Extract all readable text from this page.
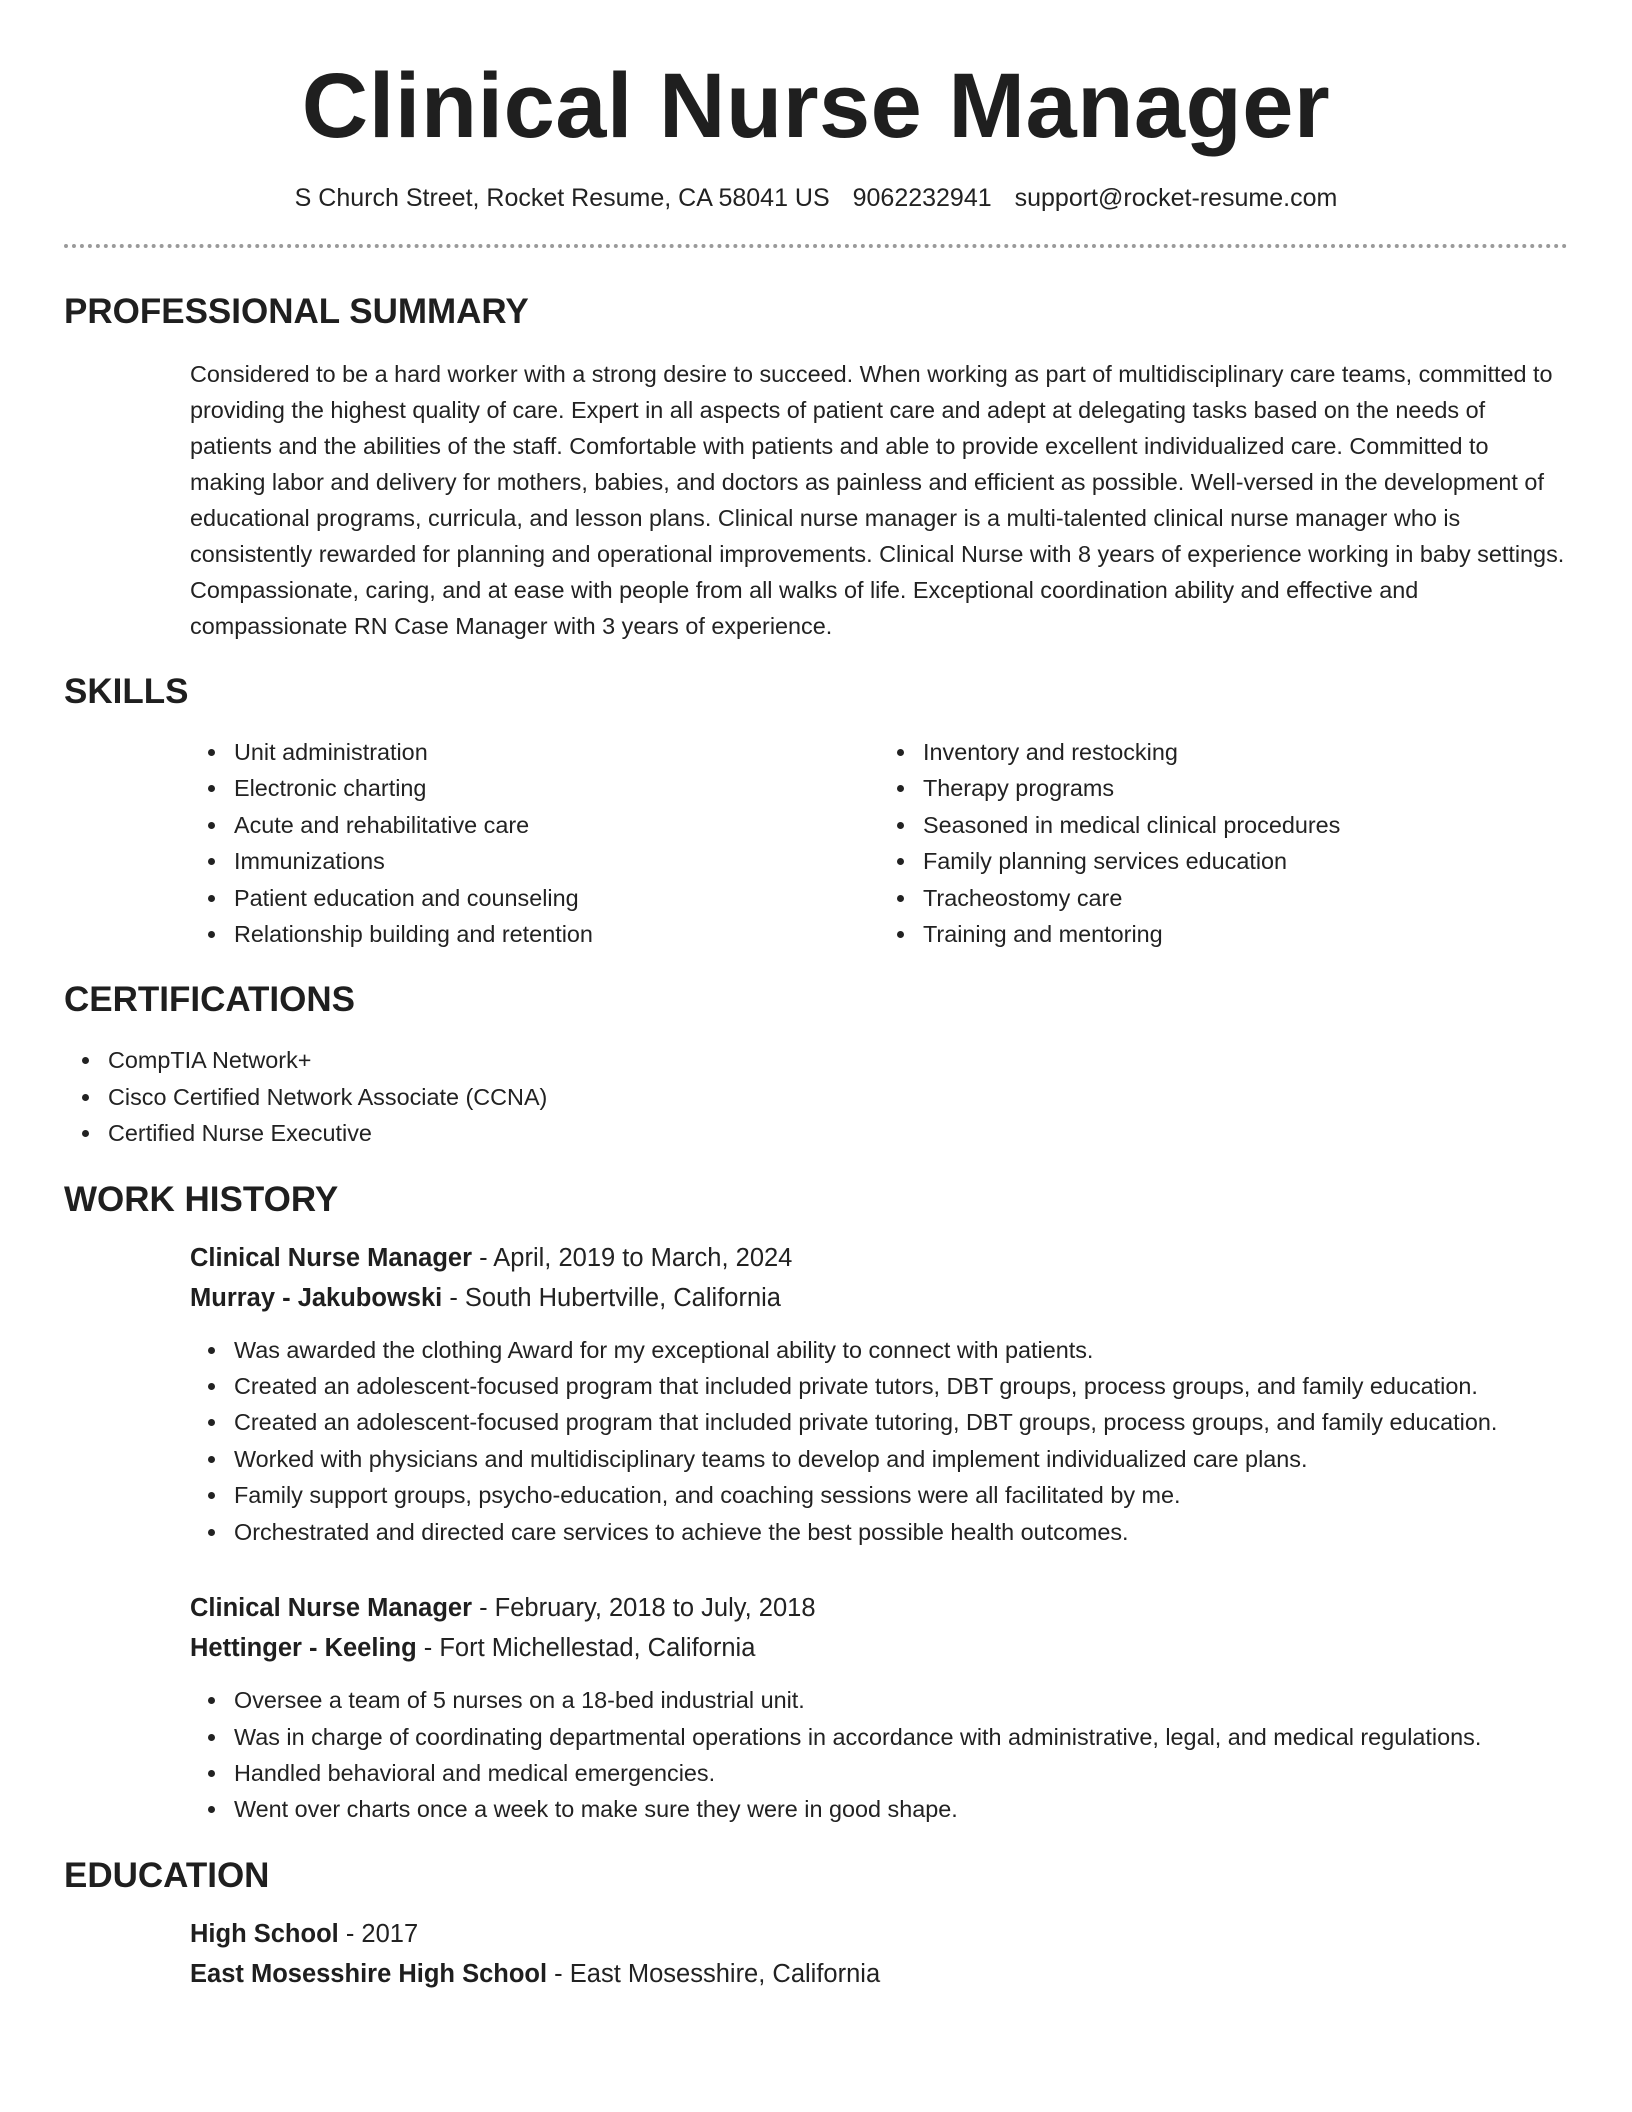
Clinical Nurse Manager
S Church Street, Rocket Resume, CA 58041 US 9062232941 support@rocket-resume.com
PROFESSIONAL SUMMARY
Considered to be a hard worker with a strong desire to succeed. When working as part of multidisciplinary care teams, committed to providing the highest quality of care. Expert in all aspects of patient care and adept at delegating tasks based on the needs of patients and the abilities of the staff. Comfortable with patients and able to provide excellent individualized care. Committed to making labor and delivery for mothers, babies, and doctors as painless and efficient as possible. Well-versed in the development of educational programs, curricula, and lesson plans. Clinical nurse manager is a multi-talented clinical nurse manager who is consistently rewarded for planning and operational improvements. Clinical Nurse with 8 years of experience working in baby settings. Compassionate, caring, and at ease with people from all walks of life. Exceptional coordination ability and effective and compassionate RN Case Manager with 3 years of experience.
SKILLS
Unit administration
Electronic charting
Acute and rehabilitative care
Immunizations
Patient education and counseling
Relationship building and retention
Inventory and restocking
Therapy programs
Seasoned in medical clinical procedures
Family planning services education
Tracheostomy care
Training and mentoring
CERTIFICATIONS
CompTIA Network+
Cisco Certified Network Associate (CCNA)
Certified Nurse Executive
WORK HISTORY
Clinical Nurse Manager - April, 2019 to March, 2024
Murray - Jakubowski - South Hubertville, California
Was awarded the clothing Award for my exceptional ability to connect with patients.
Created an adolescent-focused program that included private tutors, DBT groups, process groups, and family education.
Created an adolescent-focused program that included private tutoring, DBT groups, process groups, and family education.
Worked with physicians and multidisciplinary teams to develop and implement individualized care plans.
Family support groups, psycho-education, and coaching sessions were all facilitated by me.
Orchestrated and directed care services to achieve the best possible health outcomes.
Clinical Nurse Manager - February, 2018 to July, 2018
Hettinger - Keeling - Fort Michellestad, California
Oversee a team of 5 nurses on a 18-bed industrial unit.
Was in charge of coordinating departmental operations in accordance with administrative, legal, and medical regulations.
Handled behavioral and medical emergencies.
Went over charts once a week to make sure they were in good shape.
EDUCATION
High School - 2017
East Mosesshire High School - East Mosesshire, California
